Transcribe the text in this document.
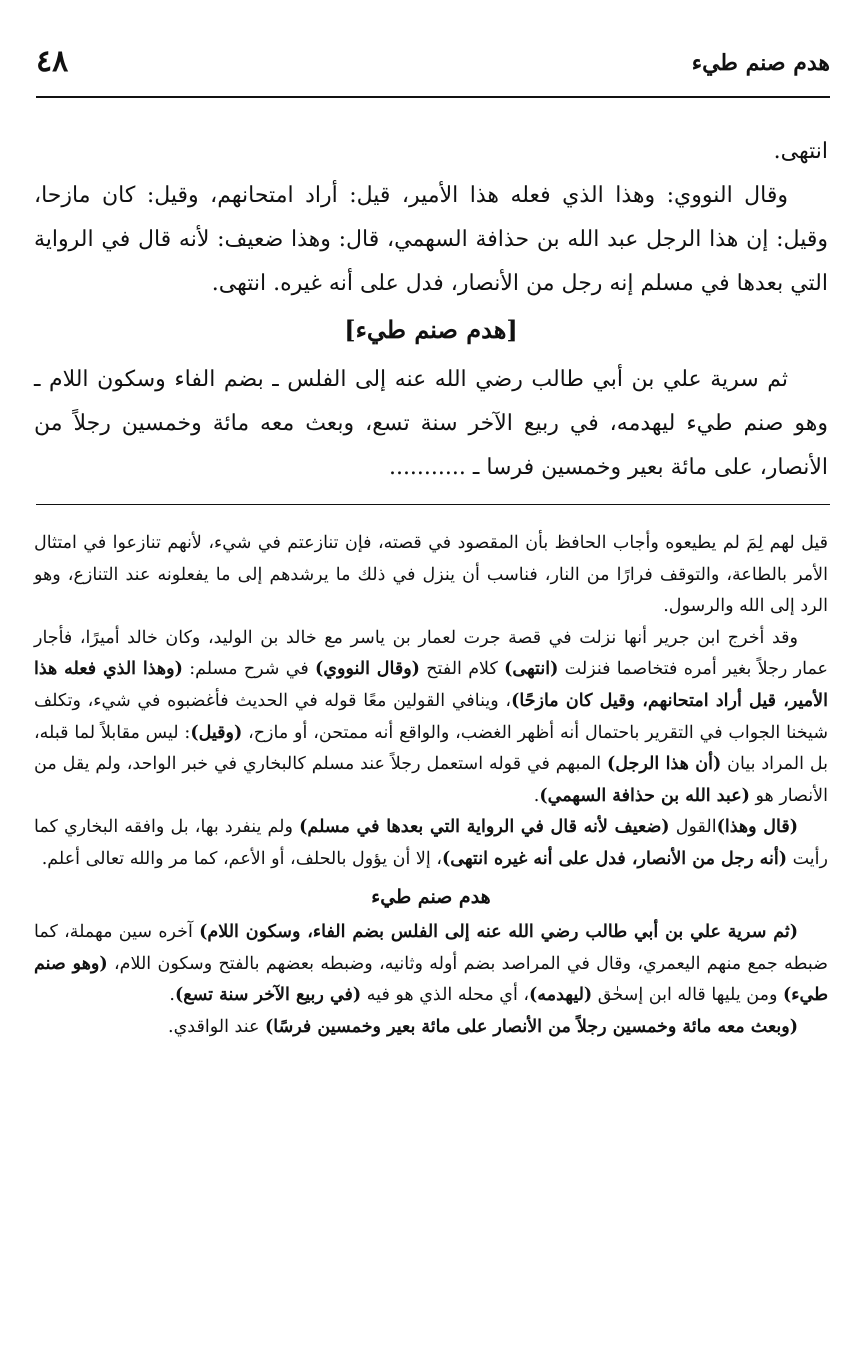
٤٨	هدم صنم طيء

انتهى.

وقال النووي: وهذا الذي فعله هذا الأمير، قيل: أراد امتحانهم، وقيل: كان مازحا، وقيل: إن هذا الرجل عبد الله بن حذافة السهمي، قال: وهذا ضعيف: لأنه قال في الرواية التي بعدها في مسلم إنه رجل من الأنصار، فدل على أنه غيره. انتهى.

[هدم صنم طيء]

ثم سرية علي بن أبي طالب رضي الله عنه إلى الفلس ـ بضم الفاء وسكون اللام ـ وهو صنم طيء ليهدمه، في ربيع الآخر سنة تسع، وبعث معه مائة وخمسين رجلاً من الأنصار، على مائة بعير وخمسين فرسا ـ ...........

قيل لهم لِمَ لم يطيعوه وأجاب الحافظ بأن المقصود في قصته، فإن تنازعتم في شيء، لأنهم تنازعوا في امتثال الأمر بالطاعة، والتوقف فرارًا من النار، فناسب أن ينزل في ذلك ما يرشدهم إلى ما يفعلونه عند التنازع، وهو الرد إلى الله والرسول.

وقد أخرج ابن جرير أنها نزلت في قصة جرت لعمار بن ياسر مع خالد بن الوليد، وكان خالد أميرًا، فأجار عمار رجلاً بغير أمره فتخاصما فنزلت (انتهى) كلام الفتح (وقال النووي) في شرح مسلم: (وهذا الذي فعله هذا الأمير، قيل أراد امتحانهم، وقيل كان مازحًا)، وينافي القولين معًا قوله في الحديث فأغضبوه في شيء، وتكلف شيخنا الجواب في التقرير باحتمال أنه أظهر الغضب، والواقع أنه ممتحن، أو مازح، (وقيل): ليس مقابلاً لما قبله، بل المراد بيان (أن هذا الرجل) المبهم في قوله استعمل رجلاً عند مسلم كالبخاري في خبر الواحد، ولم يقل من الأنصار هو (عبد الله بن حذافة السهمي).

(قال وهذا)القول (ضعيف لأنه قال في الرواية التي بعدها في مسلم) ولم ينفرد بها، بل وافقه البخاري كما رأيت (أنه رجل من الأنصار، فدل على أنه غيره انتهى)، إلا أن يؤول بالحلف، أو الأعم، كما مر والله تعالى أعلم.

هدم صنم طيء

(ثم سرية علي بن أبي طالب رضي الله عنه إلى الفلس بضم الفاء، وسكون اللام) آخره سين مهملة، كما ضبطه جمع منهم اليعمري، وقال في المراصد بضم أوله وثانيه، وضبطه بعضهم بالفتح وسكون اللام، (وهو صنم طيء) ومن يليها قاله ابن إسحٰق (ليهدمه)، أي محله الذي هو فيه (في ربيع الآخر سنة تسع).

(وبعث معه مائة وخمسين رجلاً من الأنصار على مائة بعير وخمسين فرسًا) عند الواقدي.
